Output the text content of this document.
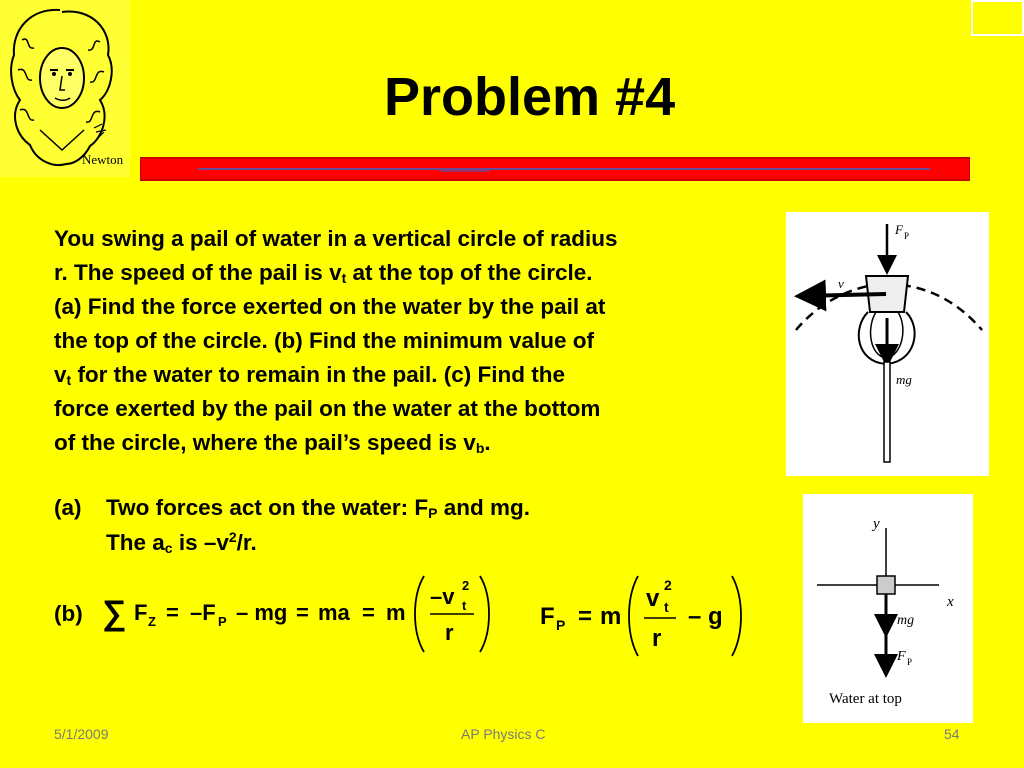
Newton
Problem #4
You swing a pail of water in a vertical circle of radius
r. The speed of the pail is $v_t$ at the top of the circle.
(a) Find the force exerted on the water by the pail at
the top of the circle. (b) Find the minimum value of
$v_t$ for the water to remain in the pail. (c) Find the
force exerted by the pail on the water at the bottom
of the circle, where the pail’s speed is $v_b$.
(a) Two forces act on the water: $F_P$ and mg.
The $a_c$ is $-v^2/r$.
(b) ∑ F Z = –F P – mg = ma = m
–v 2
t
r
F P = m
v 2
t
r
– g
F P
v
mg
y
x
mg
F P
Water at top
5/1/2009	AP Physics C	54
